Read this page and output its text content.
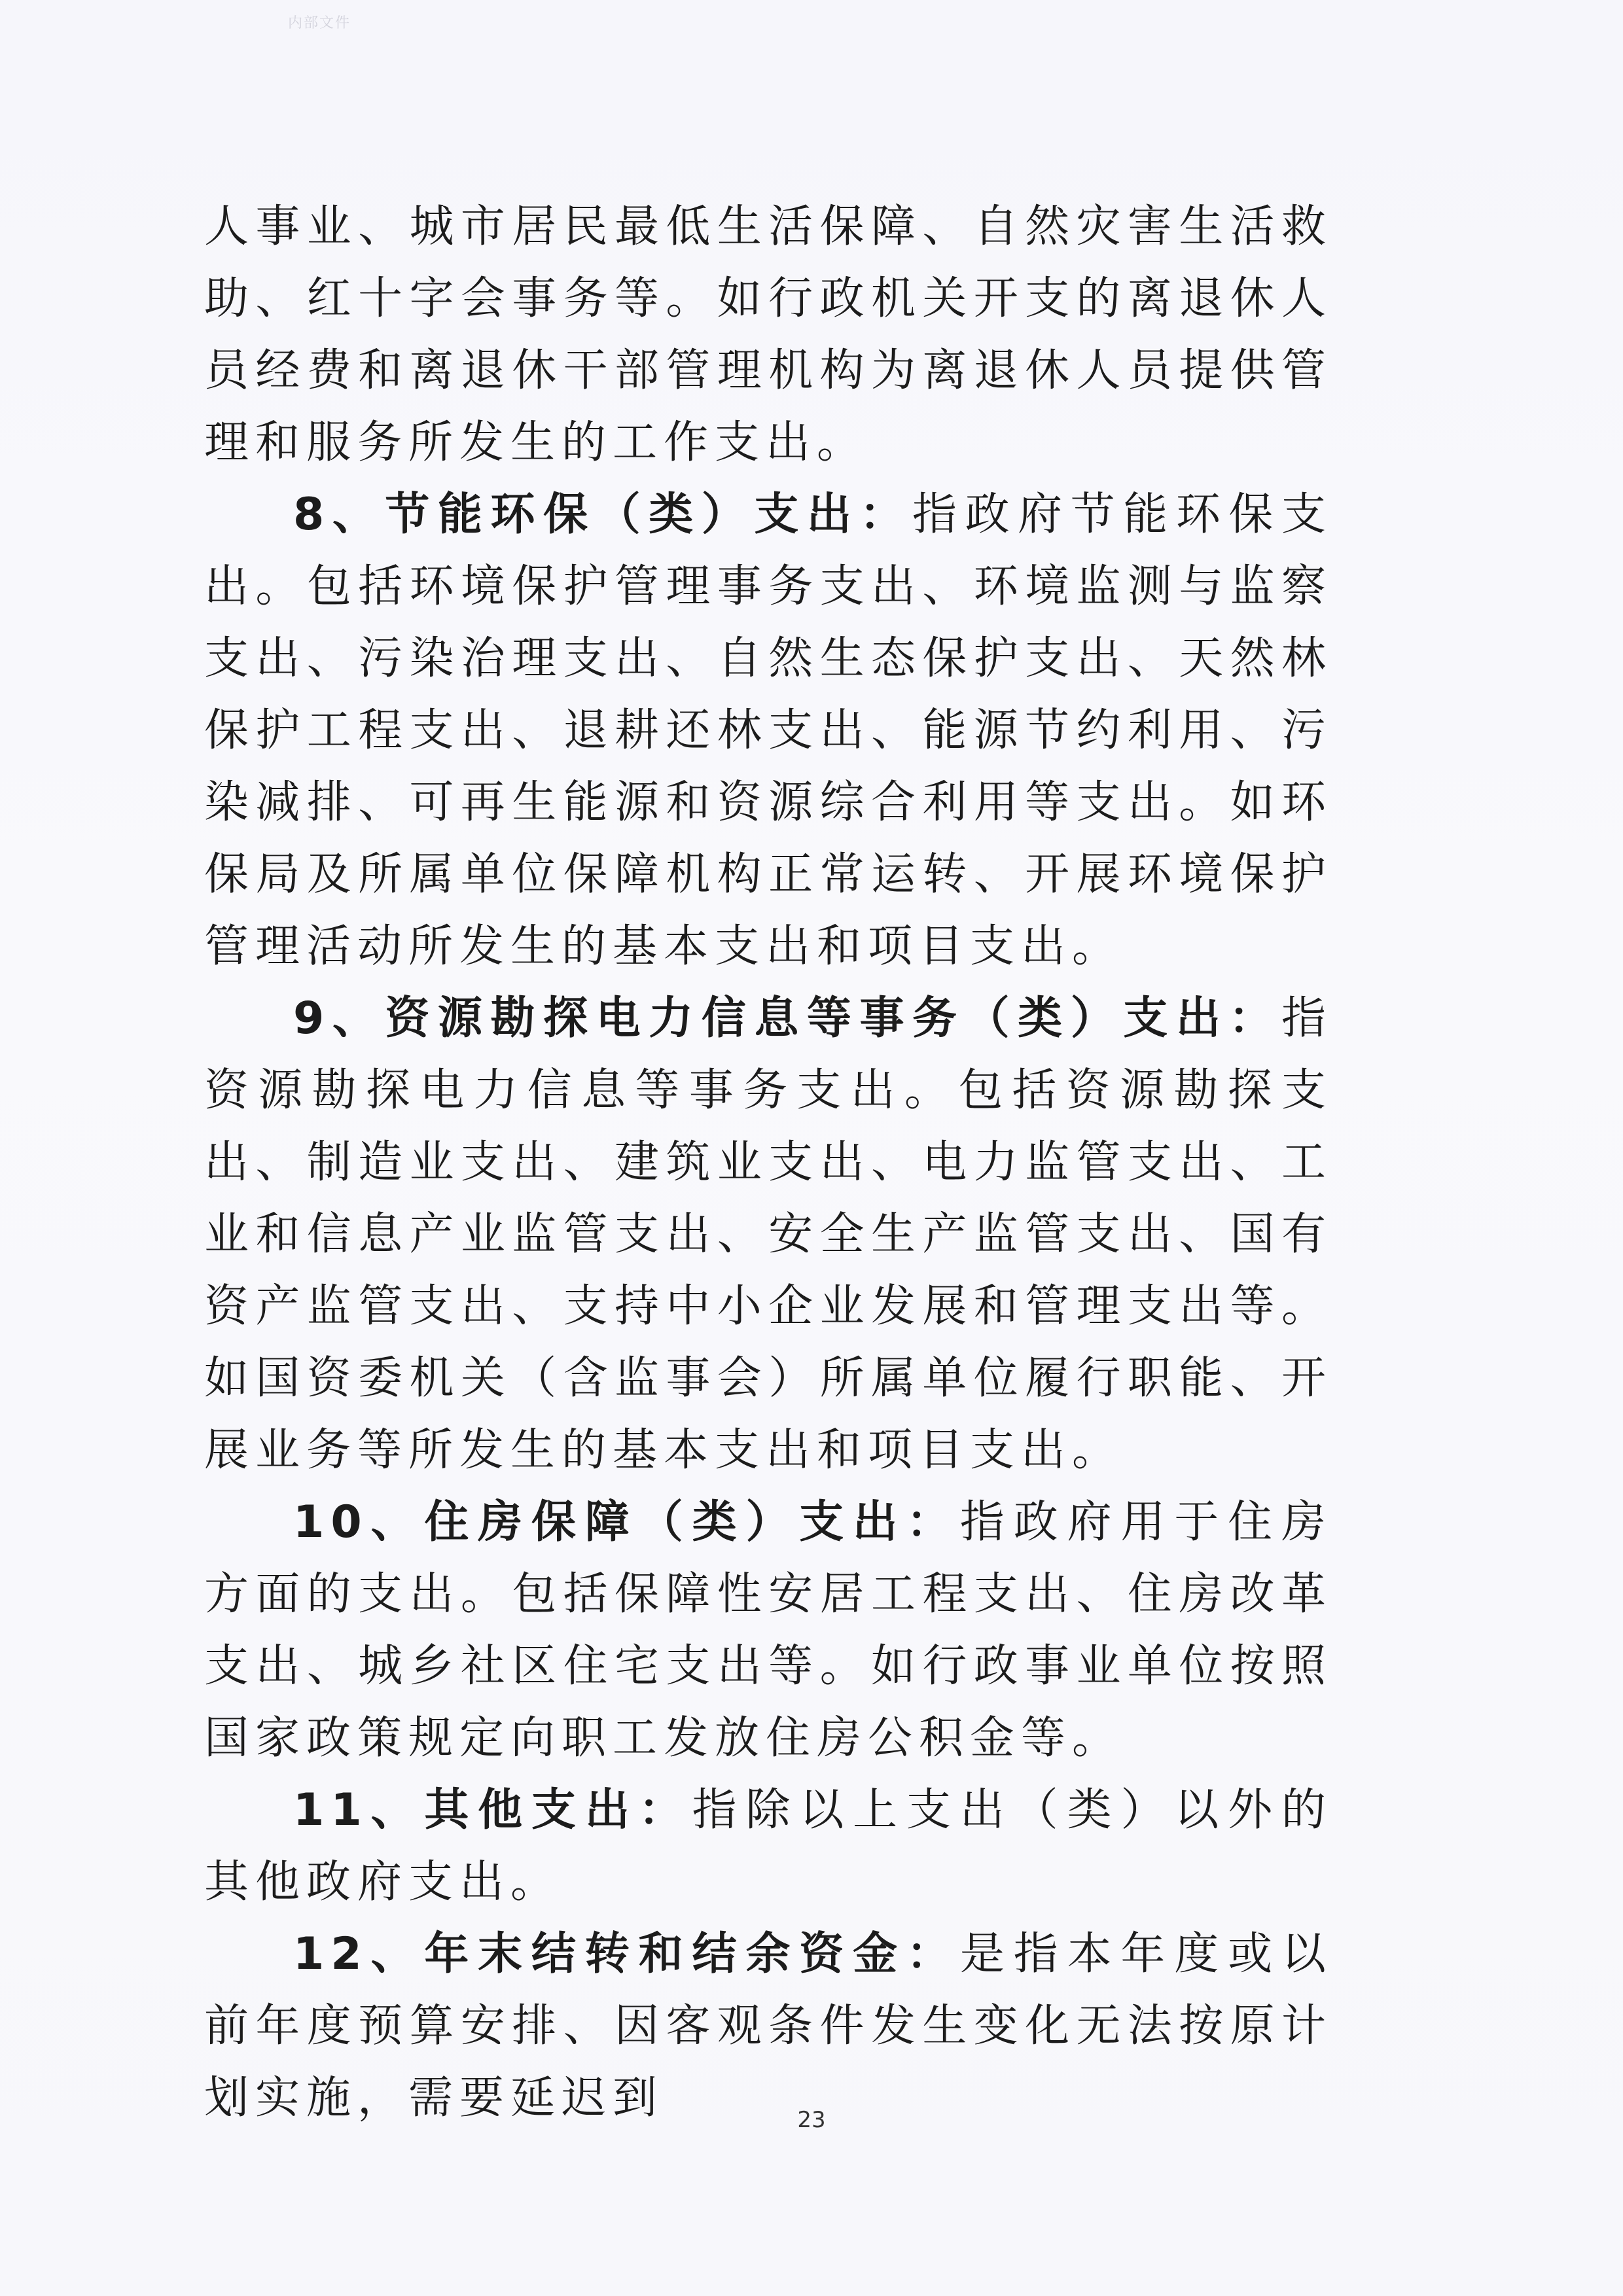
内部文件

人事业、城市居民最低生活保障、自然灾害生活救助、红十字会事务等。如行政机关开支的离退休人员经费和离退休干部管理机构为离退休人员提供管理和服务所发生的工作支出。

8、节能环保（类）支出：指政府节能环保支出。包括环境保护管理事务支出、环境监测与监察支出、污染治理支出、自然生态保护支出、天然林保护工程支出、退耕还林支出、能源节约利用、污染减排、可再生能源和资源综合利用等支出。如环保局及所属单位保障机构正常运转、开展环境保护管理活动所发生的基本支出和项目支出。

9、资源勘探电力信息等事务（类）支出：指资源勘探电力信息等事务支出。包括资源勘探支出、制造业支出、建筑业支出、电力监管支出、工业和信息产业监管支出、安全生产监管支出、国有资产监管支出、支持中小企业发展和管理支出等。如国资委机关（含监事会）所属单位履行职能、开展业务等所发生的基本支出和项目支出。

10、住房保障（类）支出：指政府用于住房方面的支出。包括保障性安居工程支出、住房改革支出、城乡社区住宅支出等。如行政事业单位按照国家政策规定向职工发放住房公积金等。

11、其他支出：指除以上支出（类）以外的其他政府支出。

12、年末结转和结余资金：是指本年度或以前年度预算安排、因客观条件发生变化无法按原计划实施，需要延迟到	23
